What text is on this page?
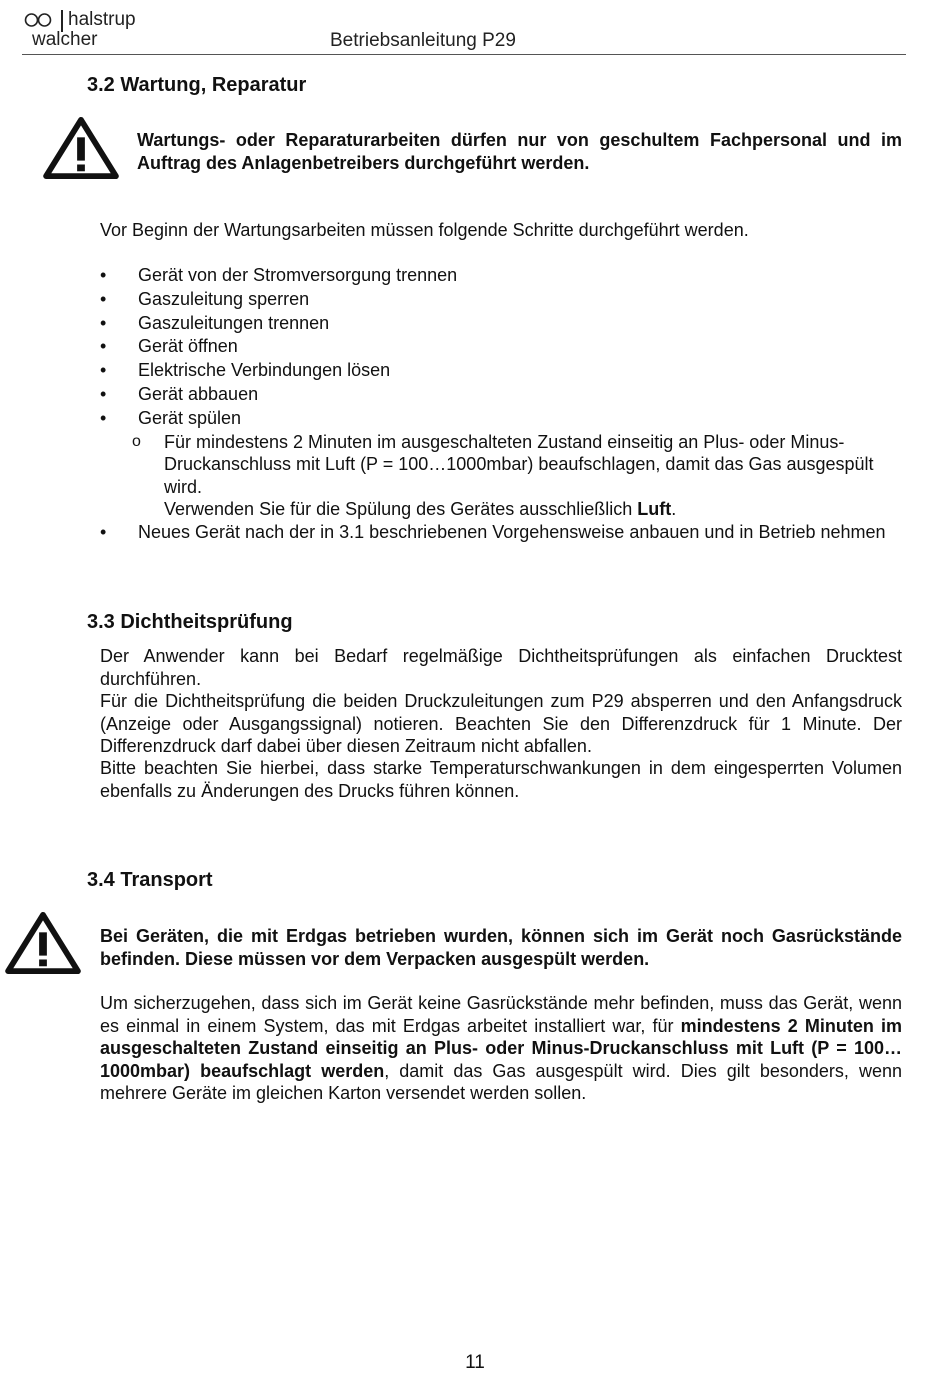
halstrup
walcher	Betriebsanleitung P29
3.2 Wartung, Reparatur
Wartungs- oder Reparaturarbeiten dürfen nur von geschultem Fachpersonal und im Auftrag des Anlagenbetreibers durchgeführt werden.

Vor Beginn der Wartungsarbeiten müssen folgende Schritte durchgeführt werden.

• Gerät von der Stromversorgung trennen
• Gaszuleitung sperren
• Gaszuleitungen trennen
• Gerät öffnen
• Elektrische Verbindungen lösen
• Gerät abbauen
• Gerät spülen
o Für mindestens 2 Minuten im ausgeschalteten Zustand einseitig an Plus- oder Minus-Druckanschluss mit Luft (P = 100…1000mbar) beaufschlagen, damit das Gas ausgespült wird.
Verwenden Sie für die Spülung des Gerätes ausschließlich Luft.
• Neues Gerät nach der in 3.1 beschriebenen Vorgehensweise anbauen und in Betrieb nehmen
3.3 Dichtheitsprüfung

Der Anwender kann bei Bedarf regelmäßige Dichtheitsprüfungen als einfachen Drucktest durchführen.

Für die Dichtheitsprüfung die beiden Druckzuleitungen zum P29 absperren und den Anfangsdruck (Anzeige oder Ausgangssignal) notieren. Beachten Sie den Differenzdruck für 1 Minute. Der Differenzdruck darf dabei über diesen Zeitraum nicht abfallen.

Bitte beachten Sie hierbei, dass starke Temperaturschwankungen in dem eingesperrten Volumen ebenfalls zu Änderungen des Drucks führen können.

3.4 Transport
Bei Geräten, die mit Erdgas betrieben wurden, können sich im Gerät noch Gasrückstände befinden. Diese müssen vor dem Verpacken ausgespült werden.

Um sicherzugehen, dass sich im Gerät keine Gasrückstände mehr befinden, muss das Gerät, wenn es einmal in einem System, das mit Erdgas arbeitet installiert war, für mindestens 2 Minuten im ausgeschalteten Zustand einseitig an Plus- oder Minus-Druckanschluss mit Luft (P = 100…1000mbar) beaufschlagt werden, damit das Gas ausgespült wird. Dies gilt besonders, wenn mehrere Geräte im gleichen Karton versendet werden sollen.

11
